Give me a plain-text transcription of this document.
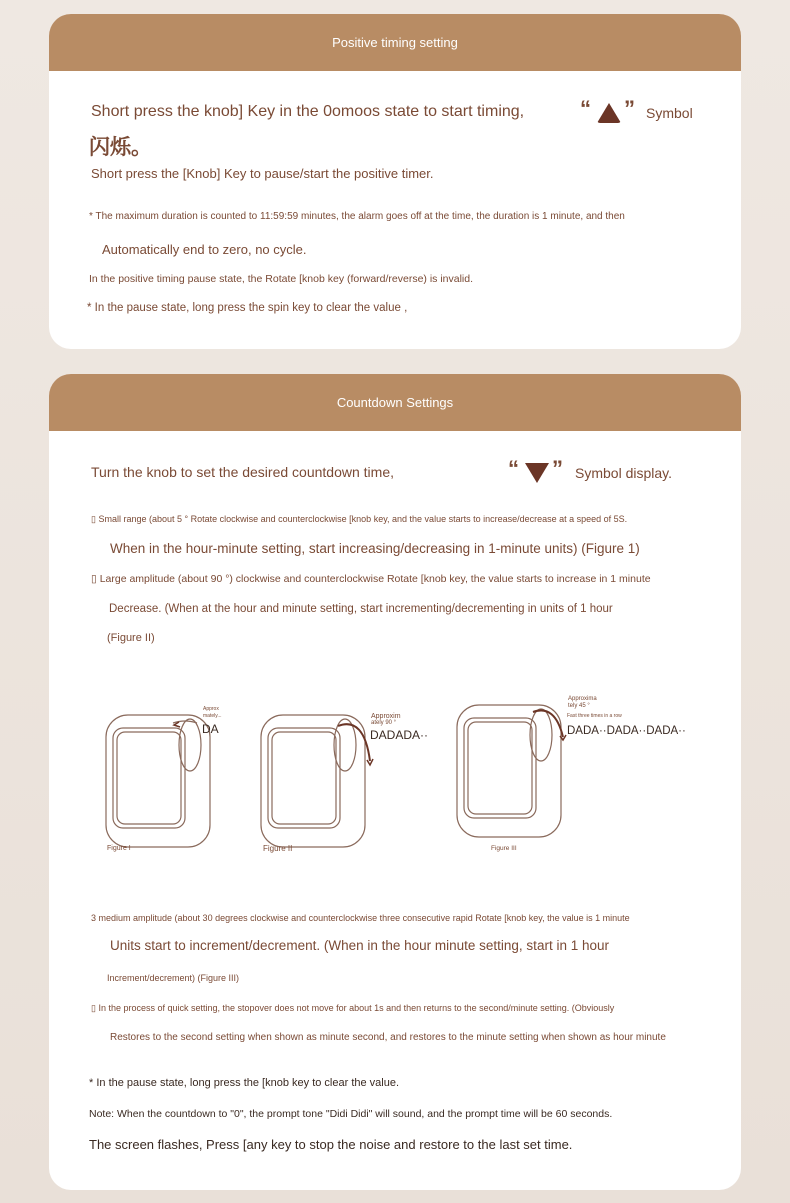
Positive timing setting
Short press the knob] Key in the 0omoos state to start timing,	“ ” Symbol
闪烁。
Short press the [Knob] Key to pause/start the positive timer.
* The maximum duration is counted to 11:59:59 minutes, the alarm goes off at the time, the duration is 1 minute, and then
Automatically end to zero, no cycle.
In the positive timing pause state, the Rotate [knob key (forward/reverse) is invalid.
* In the pause state, long press the spin key to clear the value ,
Countdown Settings
Turn the knob to set the desired countdown time,	“ ” Symbol display.
▯ Small range (about 5 ° Rotate clockwise and counterclockwise [knob key, and the value starts to increase/decrease at a speed of 5S.
When in the hour-minute setting, start increasing/decreasing in 1-minute units) (Figure 1)
▯ Large amplitude (about 90 °) clockwise and counterclockwise Rotate [knob key, the value starts to increase in 1 minute
Decrease. (When at the hour and minute setting, start incrementing/decrementing in units of 1 hour
(Figure II)
Approx
mately...
DA
Figure I
Approxim
ately 90 °
DADADA··
Figure II
Approxima
tely 45 °
Fast three times in a row
DADA··DADA··DADA··
Figure III
3 medium amplitude (about 30 degrees clockwise and counterclockwise three consecutive rapid Rotate [knob key, the value is 1 minute
Units start to increment/decrement. (When in the hour minute setting, start in 1 hour
Increment/decrement) (Figure III)
▯ In the process of quick setting, the stopover does not move for about 1s and then returns to the second/minute setting. (Obviously
Restores to the second setting when shown as minute second, and restores to the minute setting when shown as hour minute
* In the pause state, long press the [knob key to clear the value.
Note: When the countdown to "0", the prompt tone "Didi Didi" will sound, and the prompt time will be 60 seconds.
The screen flashes, Press [any key to stop the noise and restore to the last set time.
